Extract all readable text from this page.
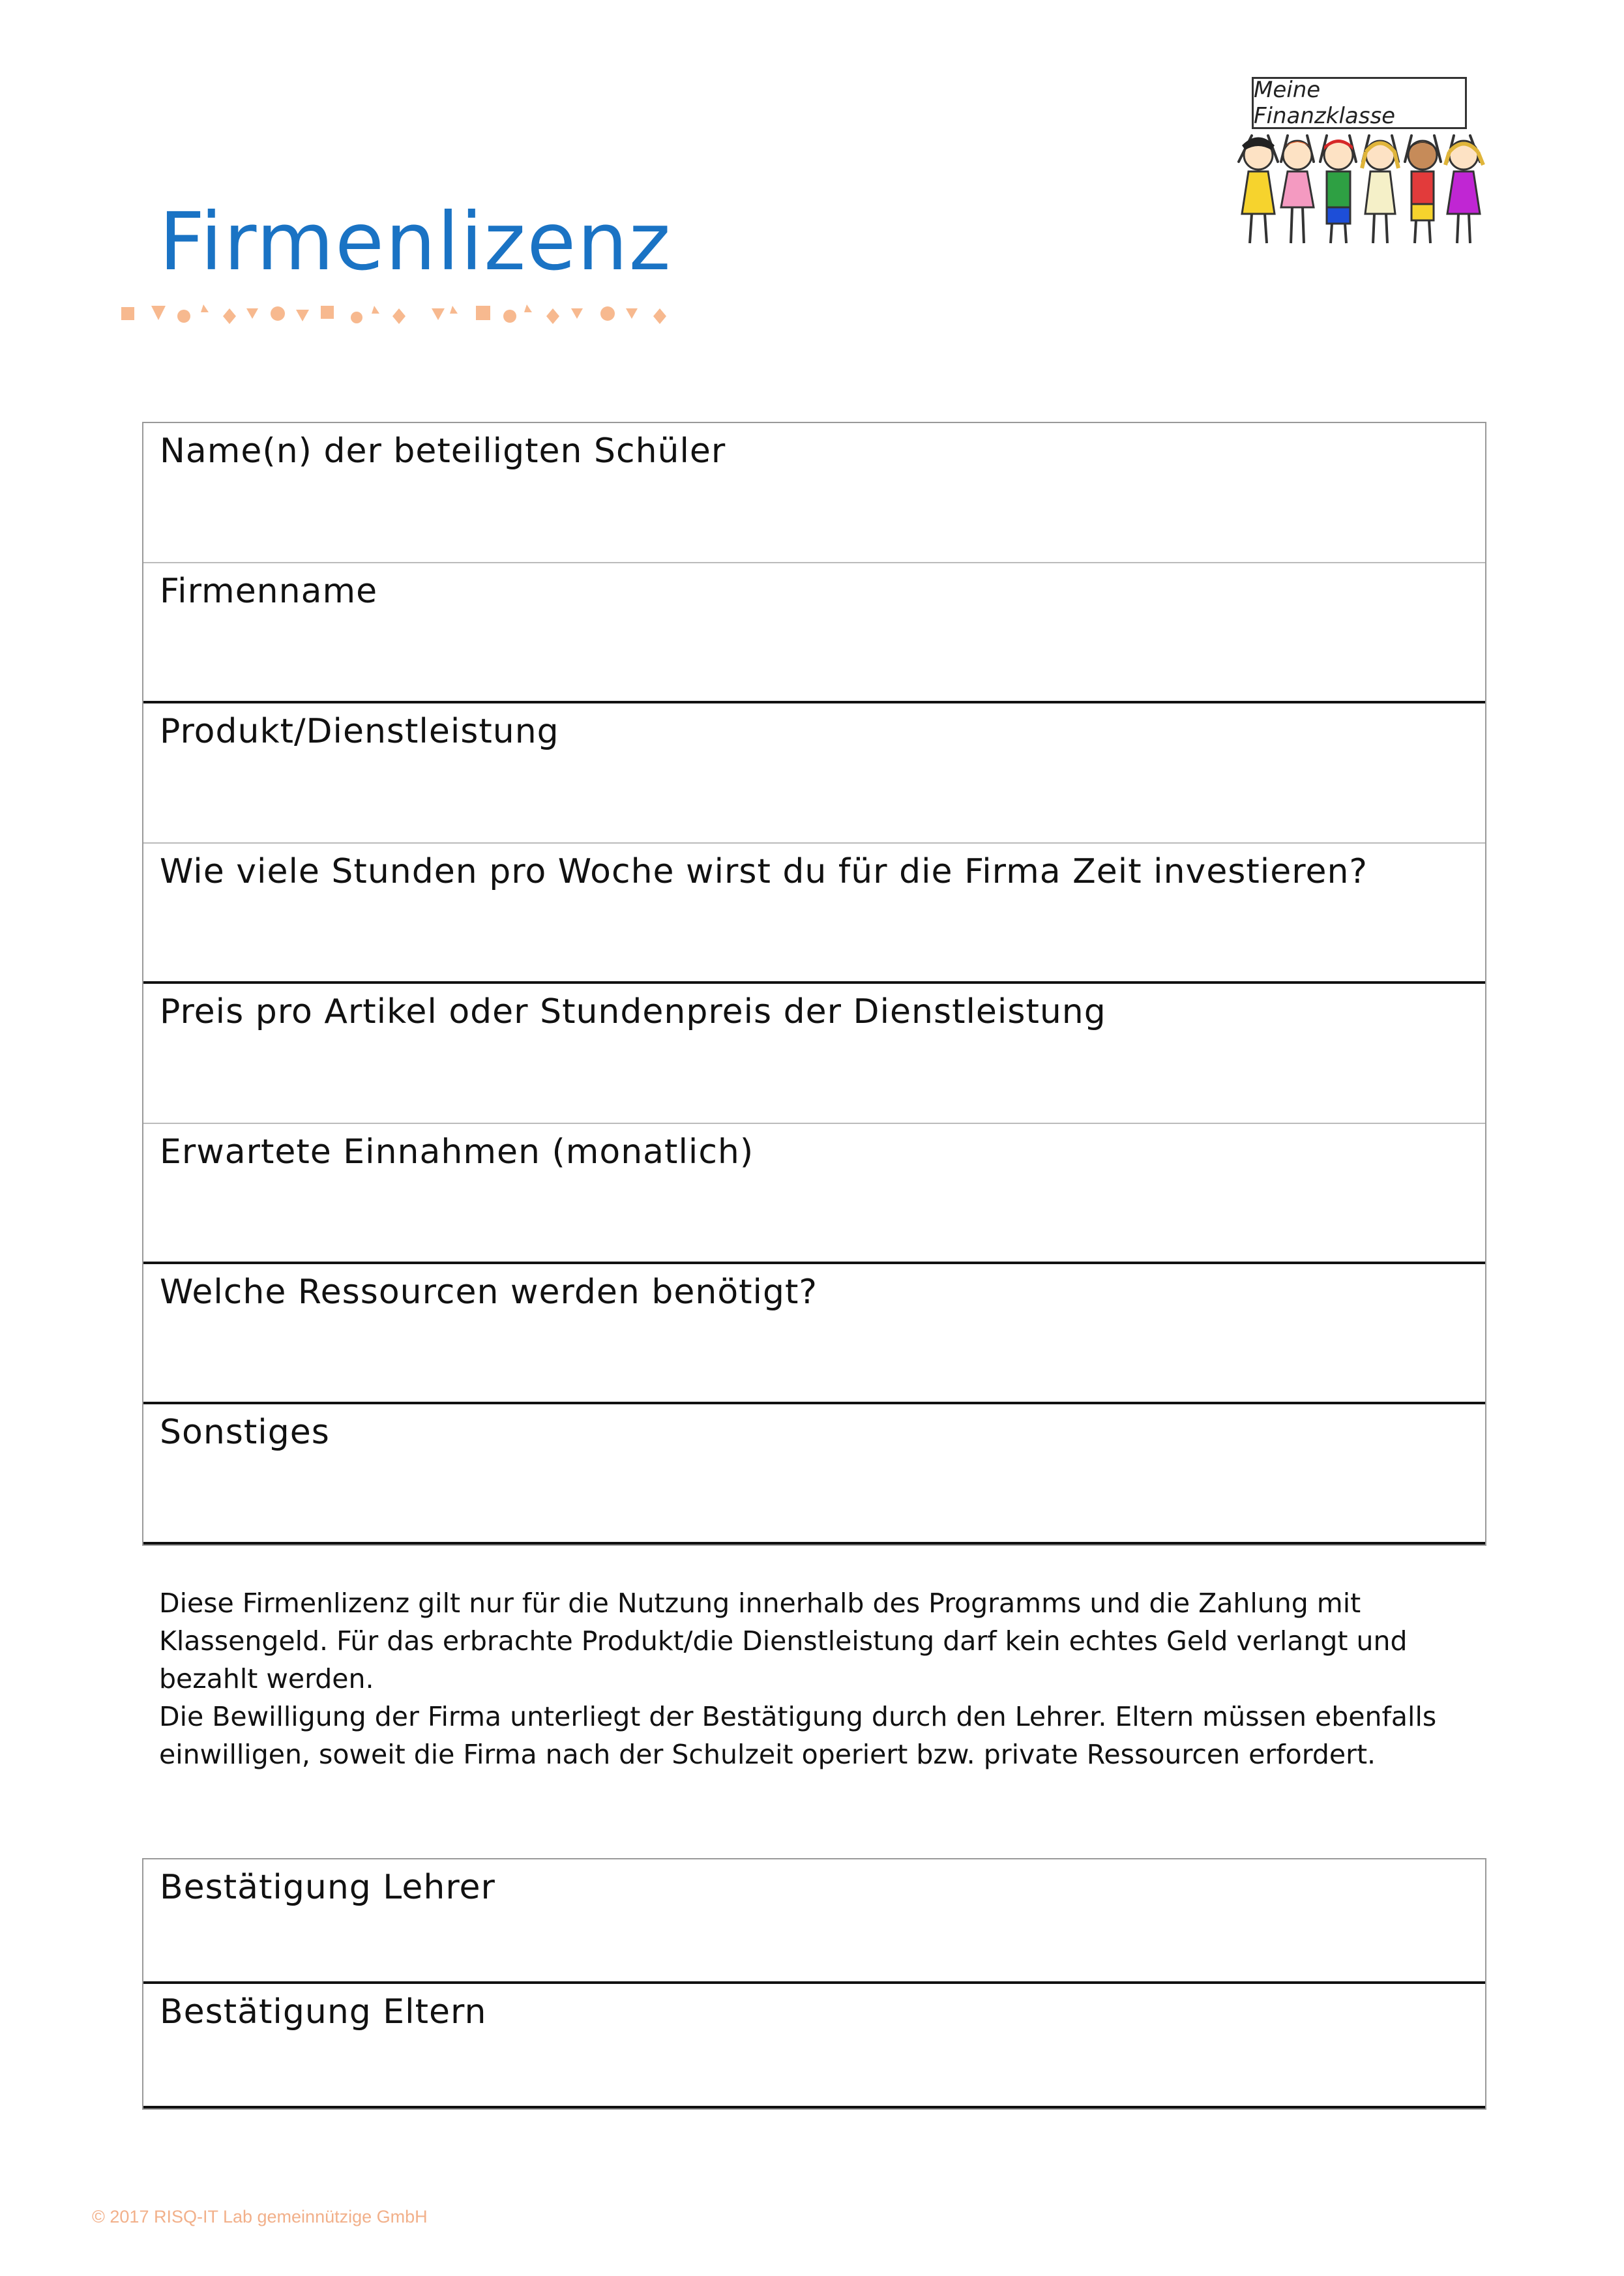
Meine Finanzklasse
Firmenlizenz
Name(n) der beteiligten Schüler
Firmenname
Produkt/Dienstleistung
Wie viele Stunden pro Woche wirst du für die Firma Zeit investieren?
Preis pro Artikel oder Stundenpreis der Dienstleistung
Erwartete Einnahmen (monatlich)
Welche Ressourcen werden benötigt?
Sonstiges

Diese Firmenlizenz gilt nur für die Nutzung innerhalb des Programms und die Zahlung mit Klassengeld. Für das erbrachte Produkt/die Dienstleistung darf kein echtes Geld verlangt und bezahlt werden.

Die Bewilligung der Firma unterliegt der Bestätigung durch den Lehrer. Eltern müssen ebenfalls einwilligen, soweit die Firma nach der Schulzeit operiert bzw. private Ressourcen erfordert.

Bestätigung Lehrer
Bestätigung Eltern
© 2017 RISQ-IT Lab gemeinnützige GmbH
